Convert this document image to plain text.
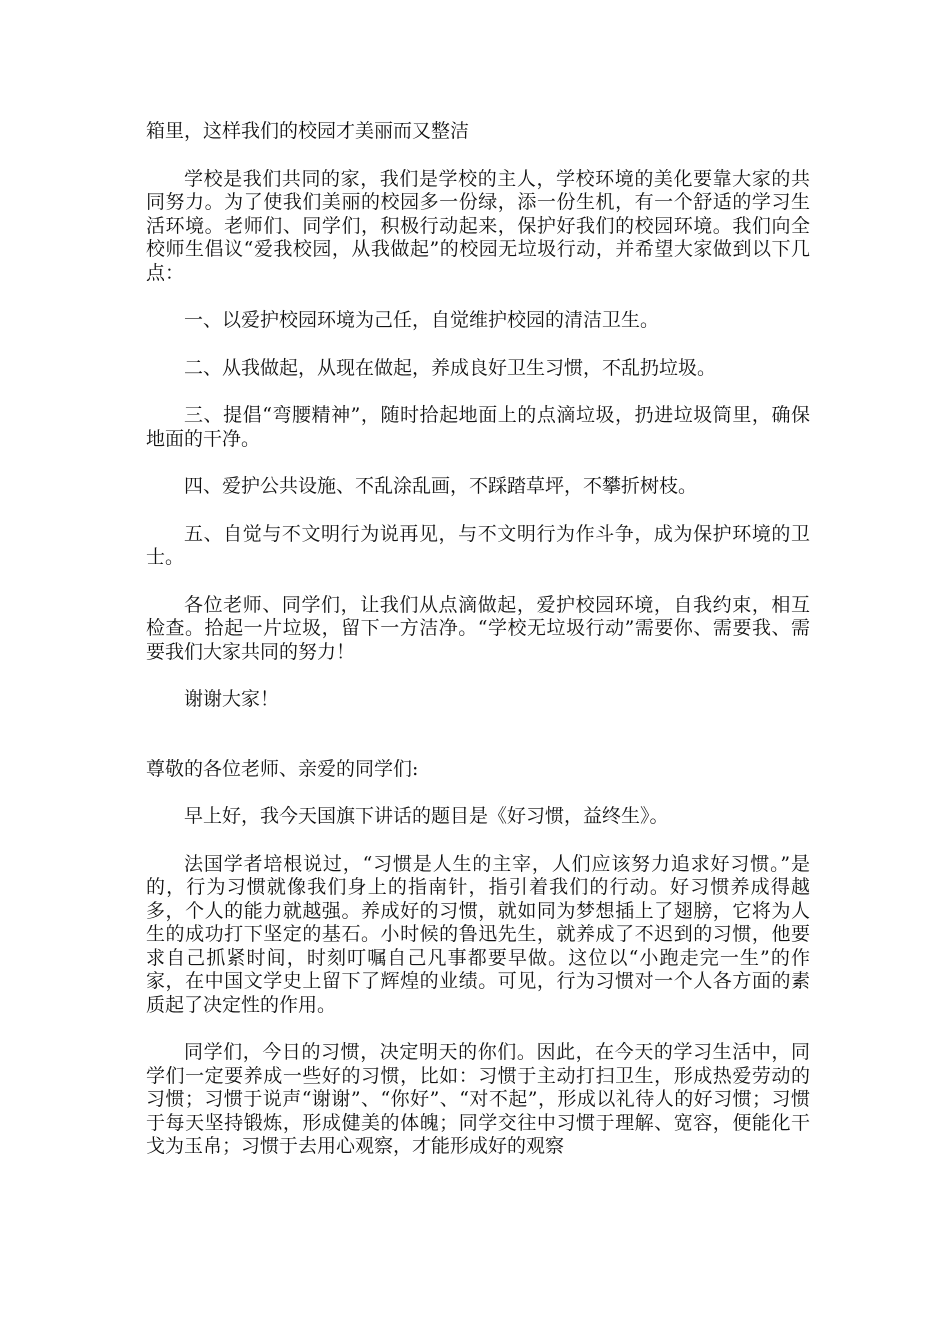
箱里，这样我们的校园才美丽而又整洁

学校是我们共同的家，我们是学校的主人，学校环境的美化要靠大家的共同努力。为了使我们美丽的校园多一份绿，添一份生机，有一个舒适的学习生活环境。老师们、同学们，积极行动起来，保护好我们的校园环境。我们向全校师生倡议“爱我校园，从我做起”的校园无垃圾行动，并希望大家做到以下几点：

一、以爱护校园环境为己任，自觉维护校园的清洁卫生。

二、从我做起，从现在做起，养成良好卫生习惯，不乱扔垃圾。

三、提倡“弯腰精神”，随时拾起地面上的点滴垃圾，扔进垃圾筒里，确保地面的干净。

四、爱护公共设施、不乱涂乱画，不踩踏草坪，不攀折树枝。

五、自觉与不文明行为说再见，与不文明行为作斗争，成为保护环境的卫士。

各位老师、同学们，让我们从点滴做起，爱护校园环境，自我约束，相互检查。拾起一片垃圾，留下一方洁净。“学校无垃圾行动”需要你、需要我、需要我们大家共同的努力！

谢谢大家！

尊敬的各位老师、亲爱的同学们:

早上好，我今天国旗下讲话的题目是《好习惯，益终生》。

法国学者培根说过，“习惯是人生的主宰，人们应该努力追求好习惯。”是的，行为习惯就像我们身上的指南针，指引着我们的行动。好习惯养成得越多，个人的能力就越强。养成好的习惯，就如同为梦想插上了翅膀，它将为人生的成功打下坚定的基石。小时候的鲁迅先生，就养成了不迟到的习惯，他要求自己抓紧时间，时刻叮嘱自己凡事都要早做。这位以“小跑走完一生”的作家，在中国文学史上留下了辉煌的业绩。可见，行为习惯对一个人各方面的素质起了决定性的作用。

同学们，今日的习惯，决定明天的你们。因此，在今天的学习生活中，同学们一定要养成一些好的习惯，比如：习惯于主动打扫卫生，形成热爱劳动的习惯；习惯于说声“谢谢”、“你好”、“对不起”，形成以礼待人的好习惯；习惯于每天坚持锻炼，形成健美的体魄；同学交往中习惯于理解、宽容，便能化干戈为玉帛；习惯于去用心观察，才能形成好的观察
